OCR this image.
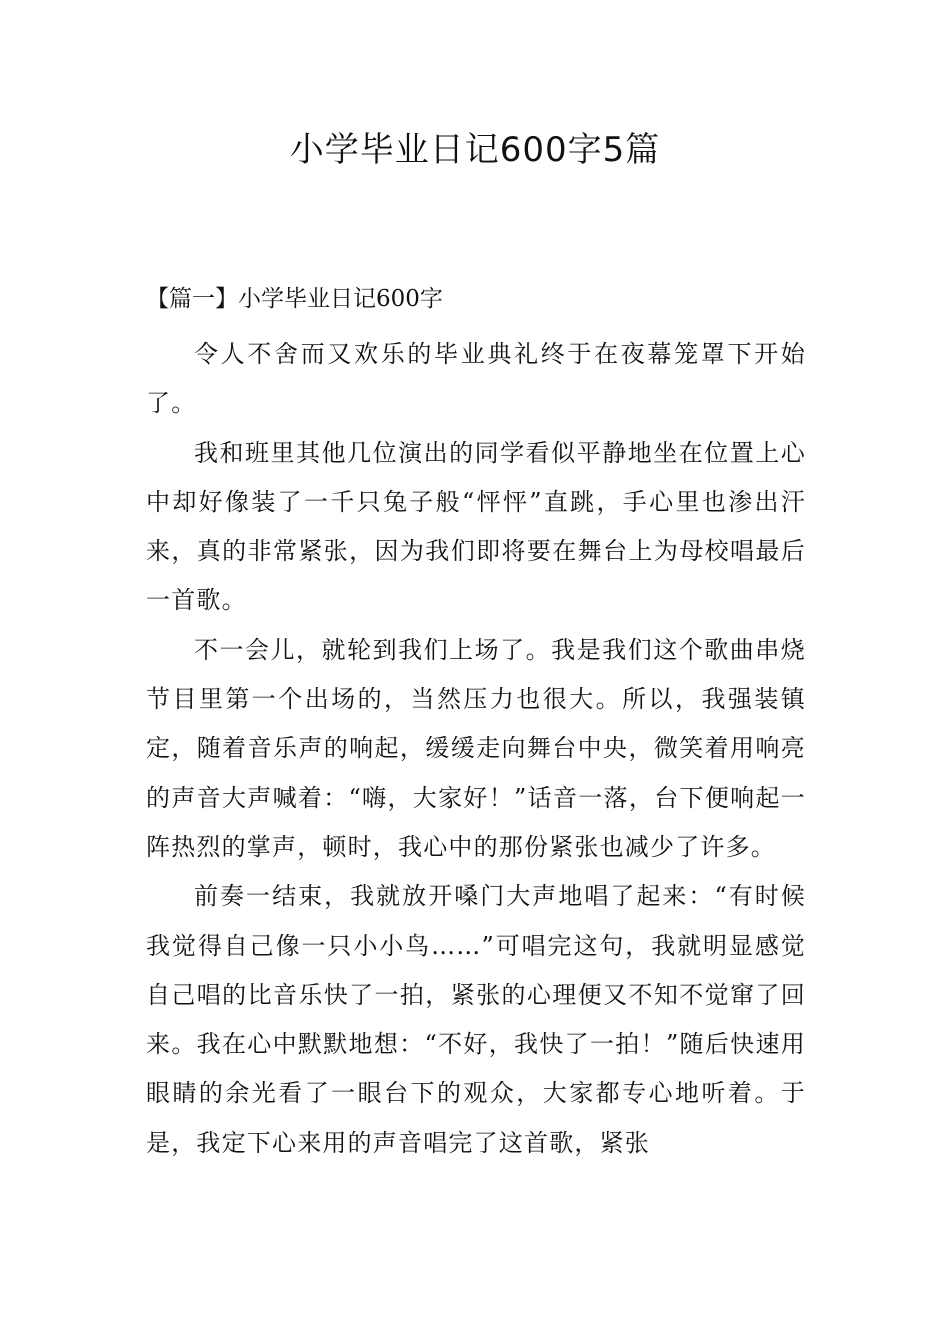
小学毕业日记600字5篇
【篇一】小学毕业日记600字

令人不舍而又欢乐的毕业典礼终于在夜幕笼罩下开始了。

我和班里其他几位演出的同学看似平静地坐在位置上心中却好像装了一千只兔子般“怦怦”直跳，手心里也渗出汗来，真的非常紧张，因为我们即将要在舞台上为母校唱最后一首歌。

不一会儿，就轮到我们上场了。我是我们这个歌曲串烧节目里第一个出场的，当然压力也很大。所以，我强装镇定，随着音乐声的响起，缓缓走向舞台中央，微笑着用响亮的声音大声喊着：“嗨，大家好！”话音一落，台下便响起一阵热烈的掌声，顿时，我心中的那份紧张也减少了许多。

前奏一结束，我就放开嗓门大声地唱了起来：“有时候我觉得自己像一只小小鸟……”可唱完这句，我就明显感觉自己唱的比音乐快了一拍，紧张的心理便又不知不觉窜了回来。我在心中默默地想：“不好，我快了一拍！”随后快速用眼睛的余光看了一眼台下的观众，大家都专心地听着。于是，我定下心来用的声音唱完了这首歌，紧张
